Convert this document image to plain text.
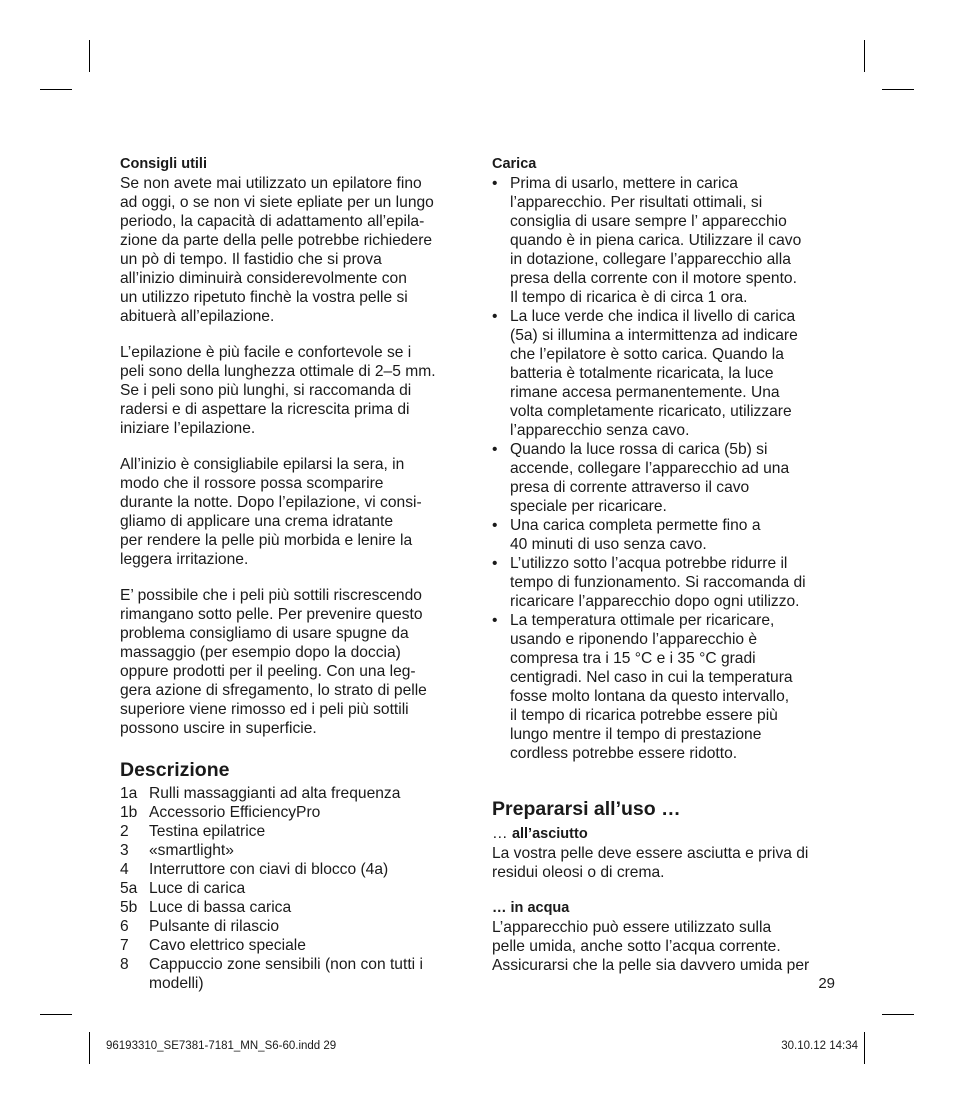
Consigli utili

Se non avete mai utilizzato un epilatore fino
ad oggi, o se non vi siete epliate per un lungo
periodo, la capacità di adattamento all’epila-
zione da parte della pelle potrebbe richiedere
un pò di tempo. Il fastidio che si prova
all’inizio diminuirà considerevolmente con
un utilizzo ripetuto finchè la vostra pelle si
abituerà all’epilazione.

L’epilazione è più facile e confortevole se i
peli sono della lunghezza ottimale di 2–5 mm.
Se i peli sono più lunghi, si raccomanda di
radersi e di aspettare la ricrescita prima di
iniziare l’epilazione.

All’inizio è consigliabile epilarsi la sera, in
modo che il rossore possa scomparire
durante la notte. Dopo l’epilazione, vi consi-
gliamo di applicare una crema idratante
per rendere la pelle più morbida e lenire la
leggera irritazione.

E’ possibile che i peli più sottili riscrescendo
rimangano sotto pelle. Per prevenire questo
problema consigliamo di usare spugne da
massaggio (per esempio dopo la doccia)
oppure prodotti per il peeling. Con una leg-
gera azione di sfregamento, lo strato di pelle
superiore viene rimosso ed i peli più sottili
possono uscire in superficie.

Descrizione
1a Rulli massaggianti ad alta frequenza
1b Accessorio EfficiencyPro
2	Testina epilatrice
3	«smartlight»
4	Interruttore con ciavi di blocco (4a)
5a Luce di carica
5b Luce di bassa carica
6	Pulsante di rilascio
7	Cavo elettrico speciale
8	Cappuccio zone sensibili (non con tutti i
modelli)
Carica
• Prima di usarlo, mettere in carica
l’apparecchio. Per risultati ottimali, si
consiglia di usare sempre l’ apparecchio
quando è in piena carica. Utilizzare il cavo
in dotazione, collegare l’apparecchio alla
presa della corrente con il motore spento.
Il tempo di ricarica è di circa 1 ora.
• La luce verde che indica il livello di carica
(5a) si illumina a intermittenza ad indicare
che l’epilatore è sotto carica. Quando la
batteria è totalmente ricaricata, la luce
rimane accesa permanentemente. Una
volta completamente ricaricato, utilizzare
l’apparecchio senza cavo.
• Quando la luce rossa di carica (5b) si
accende, collegare l’apparecchio ad una
presa di corrente attraverso il cavo
speciale per ricaricare.
• Una carica completa permette fino a
40 minuti di uso senza cavo.
• L’utilizzo sotto l’acqua potrebbe ridurre il
tempo di funzionamento. Si raccomanda di
ricaricare l’apparecchio dopo ogni utilizzo.
• La temperatura ottimale per ricaricare,
usando e riponendo l’apparecchio è
compresa tra i 15 °C e i 35 °C gradi
centigradi. Nel caso in cui la temperatura
fosse molto lontana da questo intervallo,
il tempo di ricarica potrebbe essere più
lungo mentre il tempo di prestazione
cordless potrebbe essere ridotto.
Prepararsi all’uso …
… all’asciutto

La vostra pelle deve essere asciutta e priva di
residui oleosi o di crema.

… in acqua

L’apparecchio può essere utilizzato sulla
pelle umida, anche sotto l’acqua corrente.
Assicurarsi che la pelle sia davvero umida per

29
96193310_SE7381-7181_MN_S6-60.indd 29	30.10.12 14:34
